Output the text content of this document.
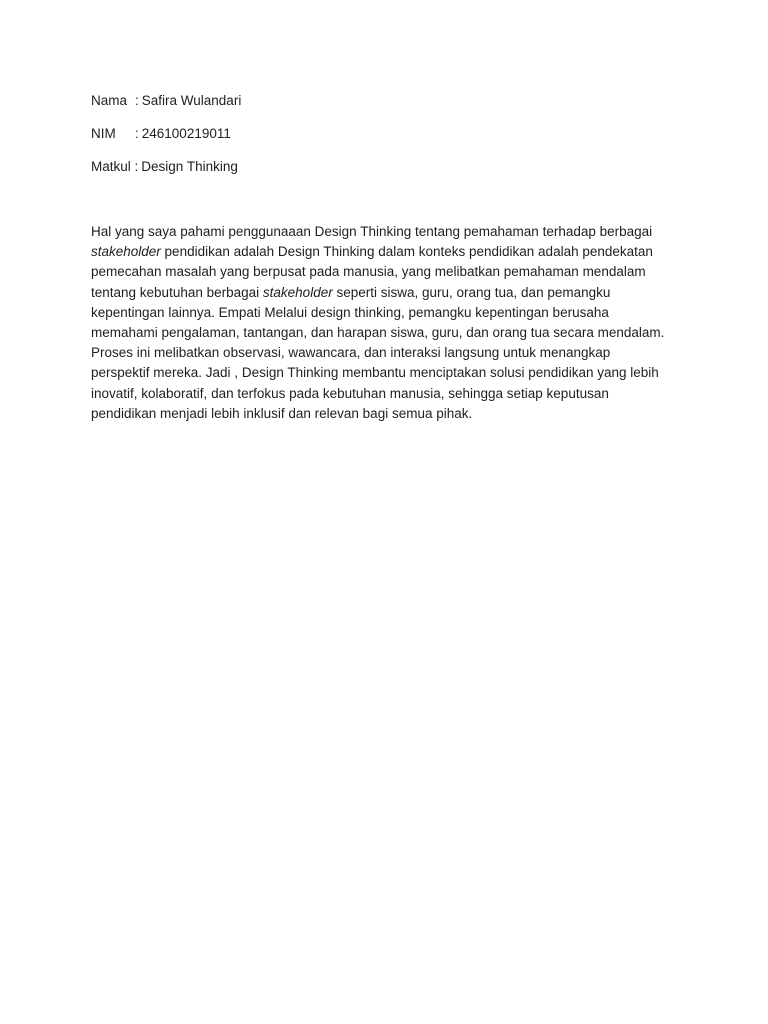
Nama : Safira Wulandari
NIM	: 246100219011
Matkul
: Design Thinking

Hal yang saya pahami penggunaaan Design Thinking tentang pemahaman terhadap berbagai
stakeholder pendidikan adalah Design Thinking dalam konteks pendidikan adalah pendekatan
pemecahan masalah yang berpusat pada manusia, yang melibatkan pemahaman mendalam
tentang kebutuhan berbagai stakeholder seperti siswa, guru, orang tua, dan pemangku
kepentingan lainnya. Empati Melalui design thinking, pemangku kepentingan berusaha
memahami pengalaman, tantangan, dan harapan siswa, guru, dan orang tua secara mendalam.
Proses ini melibatkan observasi, wawancara, dan interaksi langsung untuk menangkap
perspektif mereka. Jadi , Design Thinking membantu menciptakan solusi pendidikan yang lebih
inovatif, kolaboratif, dan terfokus pada kebutuhan manusia, sehingga setiap keputusan
pendidikan menjadi lebih inklusif dan relevan bagi semua pihak.
